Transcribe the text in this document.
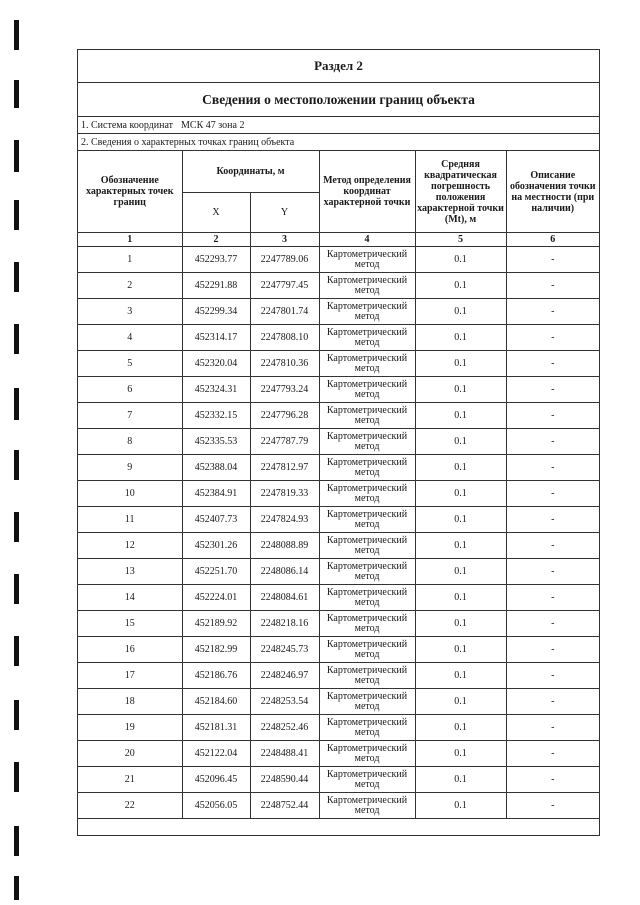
Раздел 2
Сведения о местоположении границ объекта
1. Система координат МСК 47 зона 2
2. Сведения о характерных точках границ объекта
Обозначение характерных точек границ	Координаты, м		Метод определения координат характерной точки	Средняя квадратическая погрешность положения характерной точки (Mt), м	Описание обозначения точки на местности (при наличии)
	X	Y			
1	2	3	4	5	6
1	452293.77	2247789.06	Картометрический метод	0.1	-
2	452291.88	2247797.45	Картометрический метод	0.1	-
3	452299.34	2247801.74	Картометрический метод	0.1	-
4	452314.17	2247808.10	Картометрический метод	0.1	-
5	452320.04	2247810.36	Картометрический метод	0.1	-
6	452324.31	2247793.24	Картометрический метод	0.1	-
7	452332.15	2247796.28	Картометрический метод	0.1	-
8	452335.53	2247787.79	Картометрический метод	0.1	-
9	452388.04	2247812.97	Картометрический метод	0.1	-
10	452384.91	2247819.33	Картометрический метод	0.1	-
11	452407.73	2247824.93	Картометрический метод	0.1	-
12	452301.26	2248088.89	Картометрический метод	0.1	-
13	452251.70	2248086.14	Картометрический метод	0.1	-
14	452224.01	2248084.61	Картометрический метод	0.1	-
15	452189.92	2248218.16	Картометрический метод	0.1	-
16	452182.99	2248245.73	Картометрический метод	0.1	-
17	452186.76	2248246.97	Картометрический метод	0.1	-
18	452184.60	2248253.54	Картометрический метод	0.1	-
19	452181.31	2248252.46	Картометрический метод	0.1	-
20	452122.04	2248488.41	Картометрический метод	0.1	-
21	452096.45	2248590.44	Картометрический метод	0.1	-
22	452056.05	2248752.44	Картометрический метод	0.1	-
